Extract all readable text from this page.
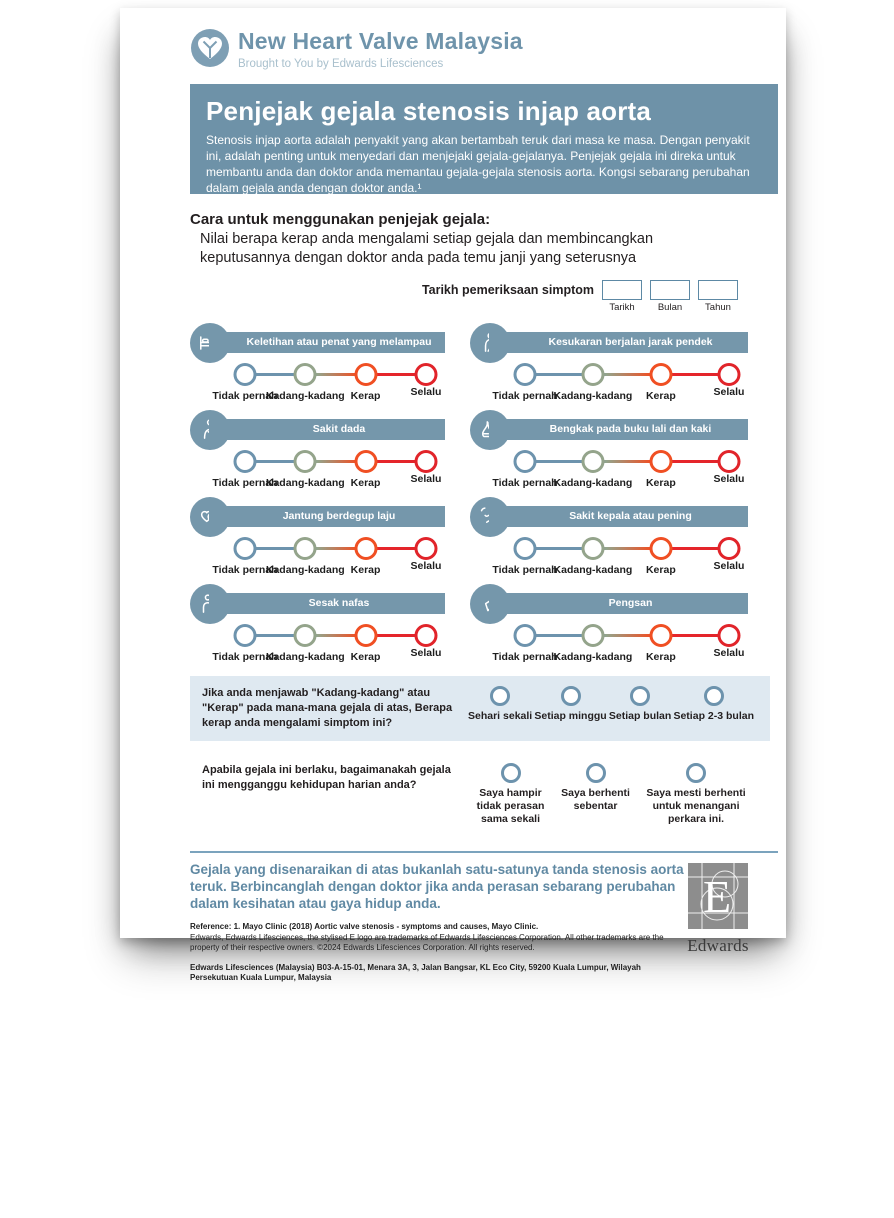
New Heart Valve Malaysia
Brought to You by Edwards Lifesciences
Penjejak gejala stenosis injap aorta

Stenosis injap aorta adalah penyakit yang akan bertambah teruk dari masa ke masa. Dengan penyakit ini, adalah penting untuk menyedari dan menjejaki gejala-gejalanya. Penjejak gejala ini direka untuk membantu anda dan doktor anda memantau gejala-gejala stenosis aorta. Kongsi sebarang perubahan dalam gejala anda dengan doktor anda.¹

Cara untuk menggunakan penjejak gejala:
Nilai berapa kerap anda mengalami setiap gejala dan membincangkan keputusannya dengan doktor anda pada temu janji yang seterusnya
Tarikh pemeriksaan simptom
Tarikh	Bulan	Tahun
Keletihan atau penat yang melampau
Tidak pernah
Kadang-kadang Kerap	Selalu
Kesukaran berjalan jarak pendek
Tidak pernah
Kadang-kadang Kerap	Selalu
Sakit dada
Tidak pernah
Kadang-kadang Kerap	Selalu
Bengkak pada buku lali dan kaki
Tidak pernah
Kadang-kadang Kerap	Selalu
Jantung berdegup laju
Tidak pernah
Kadang-kadang Kerap	Selalu
Sakit kepala atau pening
Tidak pernah
Kadang-kadang Kerap	Selalu
Sesak nafas
Tidak pernah
Kadang-kadang Kerap	Selalu
Pengsan
Tidak pernah
Kadang-kadang Kerap	Selalu
Jika anda menjawab "Kadang-kadang" atau "Kerap" pada mana-mana gejala di atas, Berapa kerap anda mengalami simptom ini?
Sehari sekali Setiap minggu Setiap bulan Setiap 2-3 bulan
Apabila gejala ini berlaku, bagaimanakah gejala ini mengganggu kehidupan harian anda?
Saya hampir tidak perasan sama sekali
Saya berhenti sebentar
Saya mesti berhenti untuk menangani perkara ini.
Gejala yang disenaraikan di atas bukanlah satu-satunya tanda stenosis aorta teruk. Berbincanglah dengan doktor jika anda perasan sebarang perubahan dalam kesihatan atau gaya hidup anda.
Reference: 1. Mayo Clinic (2018) Aortic valve stenosis - symptoms and causes, Mayo Clinic.
Edwards, Edwards Lifesciences, the stylised E logo are trademarks of Edwards Lifesciences Corporation. All other trademarks are the property of their respective owners. ©2024 Edwards Lifesciences Corporation. All rights reserved.
Edwards Lifesciences (Malaysia) B03-A-15-01, Menara 3A, 3, Jalan Bangsar, KL Eco City, 59200 Kuala Lumpur, Wilayah Persekutuan Kuala Lumpur, Malaysia
E
Edwards
